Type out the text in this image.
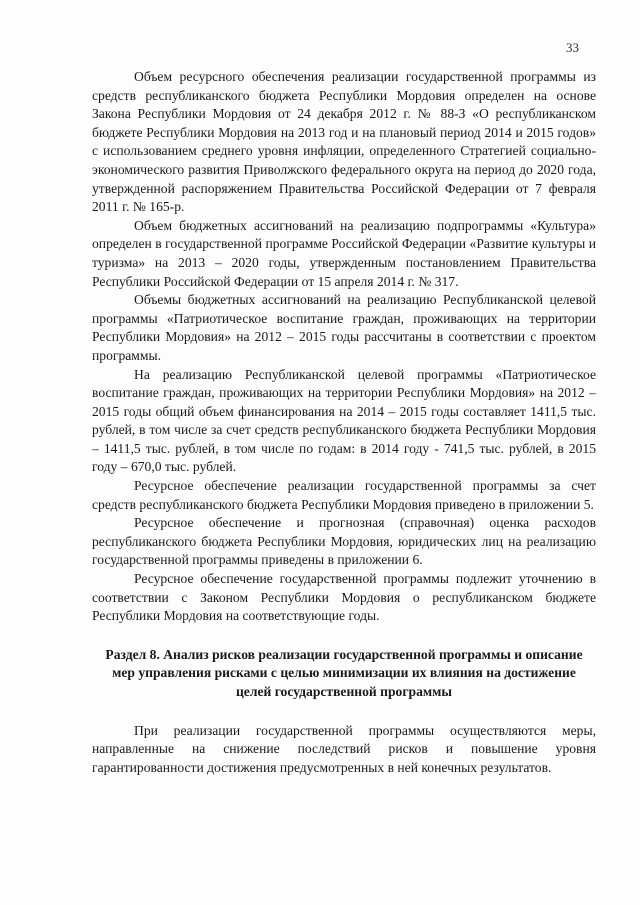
33

Объем ресурсного обеспечения реализации государственной программы из средств республиканского бюджета Республики Мордовия определен на основе Закона Республики Мордовия от 24 декабря 2012 г. № 88-З «О республиканском бюджете Республики Мордовия на 2013 год и на плановый период 2014 и 2015 годов» с использованием среднего уровня инфляции, определенного Стратегией социально-экономического развития Приволжского федерального округа на период до 2020 года, утвержденной распоряжением Правительства Российской Федерации от 7 февраля 2011 г. № 165-р.

Объем бюджетных ассигнований на реализацию подпрограммы «Культура» определен в государственной программе Российской Федерации «Развитие культуры и туризма» на 2013 – 2020 годы, утвержденным постановлением Правительства Республики Российской Федерации от 15 апреля 2014 г. № 317.

Объемы бюджетных ассигнований на реализацию Республиканской целевой программы «Патриотическое воспитание граждан, проживающих на территории Республики Мордовия» на 2012 – 2015 годы рассчитаны в соответствии с проектом программы.

На реализацию Республиканской целевой программы «Патриотическое воспитание граждан, проживающих на территории Республики Мордовия» на 2012 – 2015 годы общий объем финансирования на 2014 – 2015 годы составляет 1411,5 тыс. рублей, в том числе за счет средств республиканского бюджета Республики Мордовия – 1411,5 тыс. рублей, в том числе по годам: в 2014 году - 741,5 тыс. рублей, в 2015 году – 670,0 тыс. рублей.

Ресурсное обеспечение реализации государственной программы за счет средств республиканского бюджета Республики Мордовия приведено в приложении 5.

Ресурсное обеспечение и прогнозная (справочная) оценка расходов республиканского бюджета Республики Мордовия, юридических лиц на реализацию государственной программы приведены в приложении 6.

Ресурсное обеспечение государственной программы подлежит уточнению в соответствии с Законом Республики Мордовия о республиканском бюджете Республики Мордовия на соответствующие годы.

Раздел 8. Анализ рисков реализации государственной программы и описание мер управления рисками с целью минимизации их влияния на достижение целей государственной программы

При реализации государственной программы осуществляются меры, направленные на снижение последствий рисков и повышение уровня гарантированности достижения предусмотренных в ней конечных результатов.
